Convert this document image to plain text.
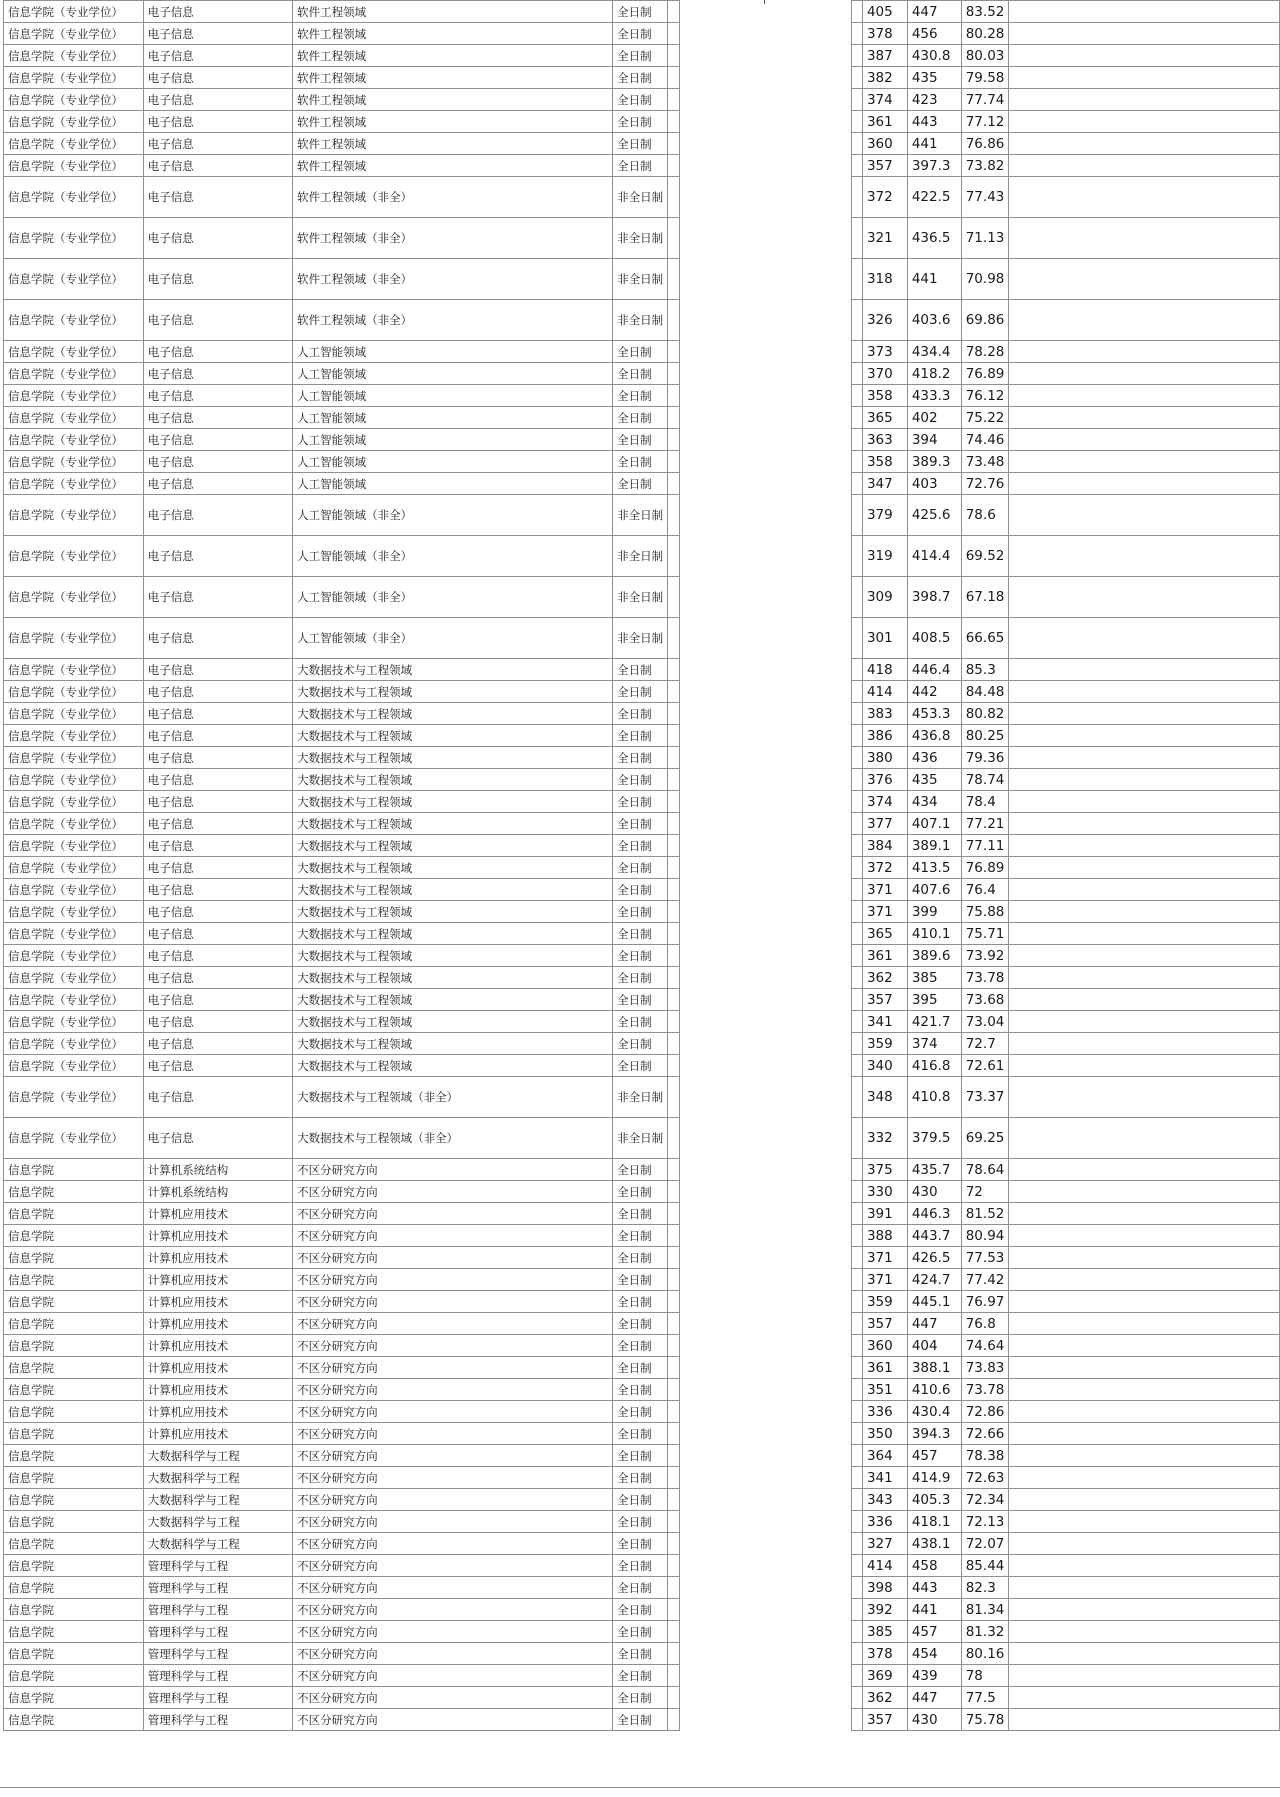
信息学院（专业学位）	电子信息	软件工程领域	全日制				405	447	83.52	
信息学院（专业学位）	电子信息	软件工程领域	全日制				378	456	80.28	
信息学院（专业学位）	电子信息	软件工程领域	全日制				387	430.8	80.03	
信息学院（专业学位）	电子信息	软件工程领域	全日制				382	435	79.58	
信息学院（专业学位）	电子信息	软件工程领域	全日制				374	423	77.74	
信息学院（专业学位）	电子信息	软件工程领域	全日制				361	443	77.12	
信息学院（专业学位）	电子信息	软件工程领域	全日制				360	441	76.86	
信息学院（专业学位）	电子信息	软件工程领域	全日制				357	397.3	73.82	
信息学院（专业学位）	电子信息	软件工程领域（非全）	非全日制				372	422.5	77.43	
信息学院（专业学位）	电子信息	软件工程领域（非全）	非全日制				321	436.5	71.13	
信息学院（专业学位）	电子信息	软件工程领域（非全）	非全日制				318	441	70.98	
信息学院（专业学位）	电子信息	软件工程领域（非全）	非全日制				326	403.6	69.86	
信息学院（专业学位）	电子信息	人工智能领域	全日制				373	434.4	78.28	
信息学院（专业学位）	电子信息	人工智能领域	全日制				370	418.2	76.89	
信息学院（专业学位）	电子信息	人工智能领域	全日制				358	433.3	76.12	
信息学院（专业学位）	电子信息	人工智能领域	全日制				365	402	75.22	
信息学院（专业学位）	电子信息	人工智能领域	全日制				363	394	74.46	
信息学院（专业学位）	电子信息	人工智能领域	全日制				358	389.3	73.48	
信息学院（专业学位）	电子信息	人工智能领域	全日制				347	403	72.76	
信息学院（专业学位）	电子信息	人工智能领域（非全）	非全日制				379	425.6	78.6	
信息学院（专业学位）	电子信息	人工智能领域（非全）	非全日制				319	414.4	69.52	
信息学院（专业学位）	电子信息	人工智能领域（非全）	非全日制				309	398.7	67.18	
信息学院（专业学位）	电子信息	人工智能领域（非全）	非全日制				301	408.5	66.65	
信息学院（专业学位）	电子信息	大数据技术与工程领域	全日制				418	446.4	85.3	
信息学院（专业学位）	电子信息	大数据技术与工程领域	全日制				414	442	84.48	
信息学院（专业学位）	电子信息	大数据技术与工程领域	全日制				383	453.3	80.82	
信息学院（专业学位）	电子信息	大数据技术与工程领域	全日制				386	436.8	80.25	
信息学院（专业学位）	电子信息	大数据技术与工程领域	全日制				380	436	79.36	
信息学院（专业学位）	电子信息	大数据技术与工程领域	全日制				376	435	78.74	
信息学院（专业学位）	电子信息	大数据技术与工程领域	全日制				374	434	78.4	
信息学院（专业学位）	电子信息	大数据技术与工程领域	全日制				377	407.1	77.21	
信息学院（专业学位）	电子信息	大数据技术与工程领域	全日制				384	389.1	77.11	
信息学院（专业学位）	电子信息	大数据技术与工程领域	全日制				372	413.5	76.89	
信息学院（专业学位）	电子信息	大数据技术与工程领域	全日制				371	407.6	76.4	
信息学院（专业学位）	电子信息	大数据技术与工程领域	全日制				371	399	75.88	
信息学院（专业学位）	电子信息	大数据技术与工程领域	全日制				365	410.1	75.71	
信息学院（专业学位）	电子信息	大数据技术与工程领域	全日制				361	389.6	73.92	
信息学院（专业学位）	电子信息	大数据技术与工程领域	全日制				362	385	73.78	
信息学院（专业学位）	电子信息	大数据技术与工程领域	全日制				357	395	73.68	
信息学院（专业学位）	电子信息	大数据技术与工程领域	全日制				341	421.7	73.04	
信息学院（专业学位）	电子信息	大数据技术与工程领域	全日制				359	374	72.7	
信息学院（专业学位）	电子信息	大数据技术与工程领域	全日制				340	416.8	72.61	
信息学院（专业学位）	电子信息	大数据技术与工程领域（非全）	非全日制				348	410.8	73.37	
信息学院（专业学位）	电子信息	大数据技术与工程领域（非全）	非全日制				332	379.5	69.25	
信息学院	计算机系统结构	不区分研究方向	全日制				375	435.7	78.64	
信息学院	计算机系统结构	不区分研究方向	全日制				330	430	72	
信息学院	计算机应用技术	不区分研究方向	全日制				391	446.3	81.52	
信息学院	计算机应用技术	不区分研究方向	全日制				388	443.7	80.94	
信息学院	计算机应用技术	不区分研究方向	全日制				371	426.5	77.53	
信息学院	计算机应用技术	不区分研究方向	全日制				371	424.7	77.42	
信息学院	计算机应用技术	不区分研究方向	全日制				359	445.1	76.97	
信息学院	计算机应用技术	不区分研究方向	全日制				357	447	76.8	
信息学院	计算机应用技术	不区分研究方向	全日制				360	404	74.64	
信息学院	计算机应用技术	不区分研究方向	全日制				361	388.1	73.83	
信息学院	计算机应用技术	不区分研究方向	全日制				351	410.6	73.78	
信息学院	计算机应用技术	不区分研究方向	全日制				336	430.4	72.86	
信息学院	计算机应用技术	不区分研究方向	全日制				350	394.3	72.66	
信息学院	大数据科学与工程	不区分研究方向	全日制				364	457	78.38	
信息学院	大数据科学与工程	不区分研究方向	全日制				341	414.9	72.63	
信息学院	大数据科学与工程	不区分研究方向	全日制				343	405.3	72.34	
信息学院	大数据科学与工程	不区分研究方向	全日制				336	418.1	72.13	
信息学院	大数据科学与工程	不区分研究方向	全日制				327	438.1	72.07	
信息学院	管理科学与工程	不区分研究方向	全日制				414	458	85.44	
信息学院	管理科学与工程	不区分研究方向	全日制				398	443	82.3	
信息学院	管理科学与工程	不区分研究方向	全日制				392	441	81.34	
信息学院	管理科学与工程	不区分研究方向	全日制				385	457	81.32	
信息学院	管理科学与工程	不区分研究方向	全日制				378	454	80.16	
信息学院	管理科学与工程	不区分研究方向	全日制				369	439	78	
信息学院	管理科学与工程	不区分研究方向	全日制				362	447	77.5	
信息学院	管理科学与工程	不区分研究方向	全日制				357	430	75.78	
